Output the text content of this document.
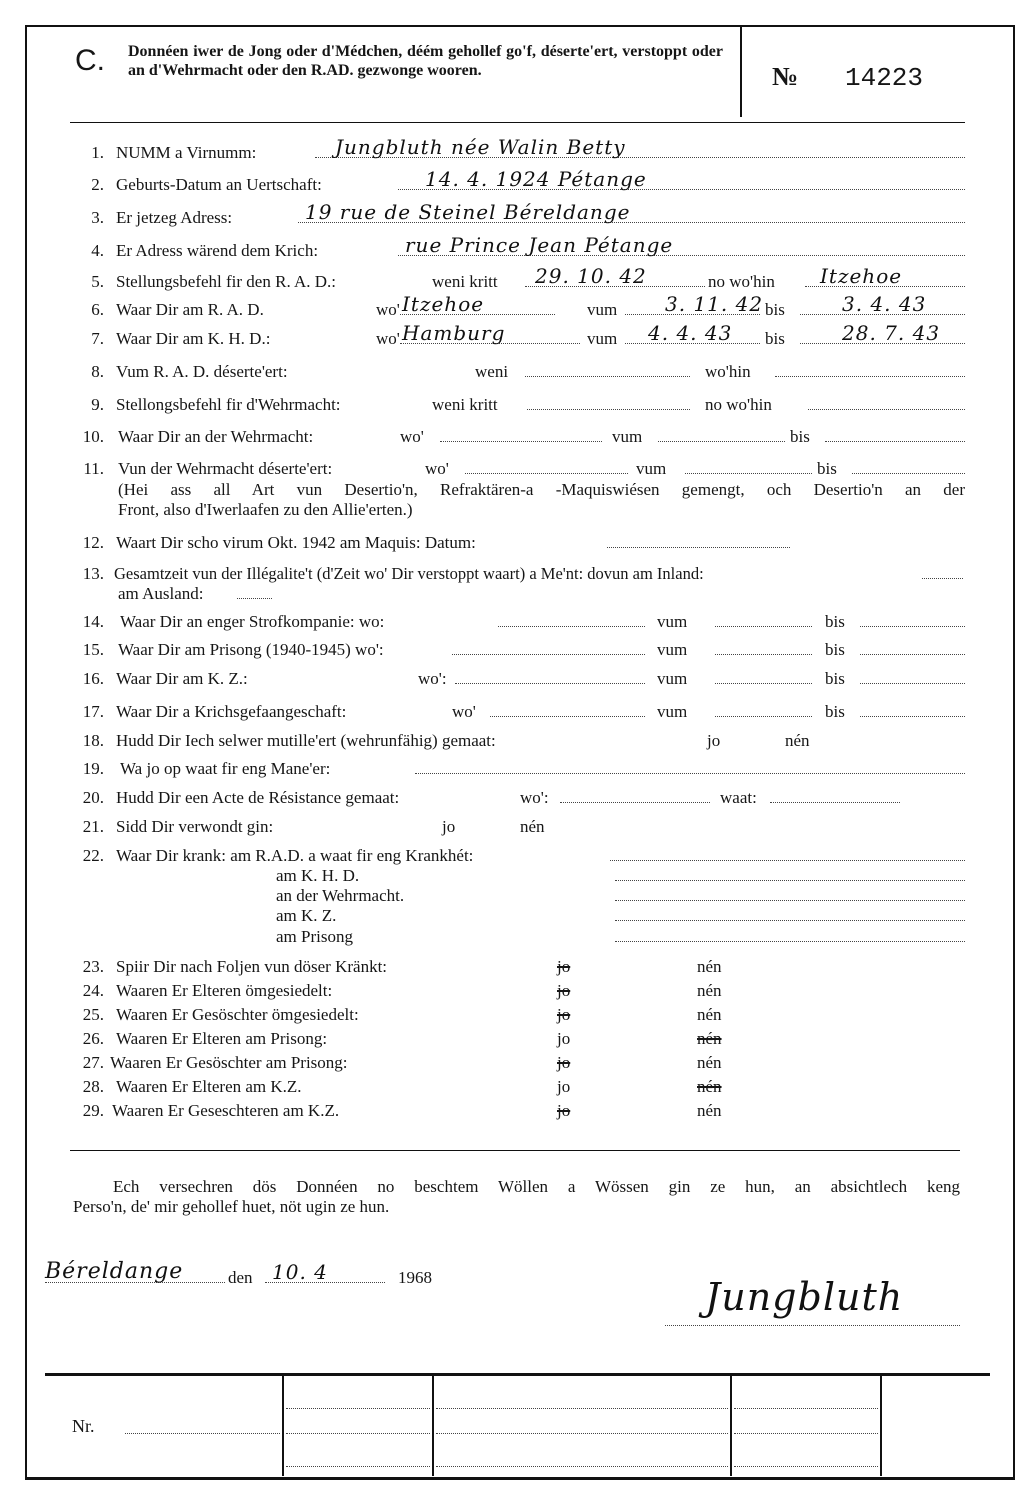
C. Donnéen iwer de Jong oder d'Médchen, déém gehollef go'f, déserte'ert, verstoppt oder an d'Wehrmacht oder den R.AD. gezwonge wooren.	№ 14223
1. NUMM a Virnumm:	Jungbluth née Walin Betty
2. Geburts-Datum an Uertschaft:	14. 4. 1924 Pétange
3. Er jetzeg Adress:	19 rue de Steinel Béreldange
4. Er Adress wärend dem Krich:	rue Prince Jean Pétange
5. Stellungsbefehl fir den R. A. D.:	weni kritt 29. 10. 42	no wo'hin Itzehoe
6. Waar Dir am R. A. D.	wo' Itzehoe	vum 3. 11. 42 bis	3. 4. 43
7. Waar Dir am K. H. D.:	wo' Hamburg	vum 4. 4. 43 bis	28. 7. 43
8. Vum R. A. D. déserte'ert:	weni	wo'hin
9. Stellongsbefehl fir d'Wehrmacht:	weni kritt	no wo'hin
10. Waar Dir an der Wehrmacht:	wo'	vum	bis
11. Vun der Wehrmacht déserte'ert:	wo'	vum	bis
(Hei ass all Art vun Desertio'n, Refraktären-a -Maquiswiésen gemengt, och Desertio'n an der
Front, also d'Iwerlaafen zu den Allie'erten.)
12. Waart Dir scho virum Okt. 1942 am Maquis: Datum:
13. Gesamtzeit vun der Illégalite't (d'Zeit wo' Dir verstoppt waart) a Me'nt: dovun am Inland:
am Ausland:
14. Waar Dir an enger Strofkompanie: wo:	vum	bis
15. Waar Dir am Prisong (1940-1945) wo':	vum	bis
16. Waar Dir am K. Z.:	wo':	vum	bis
17. Waar Dir a Krichsgefaangeschaft:	wo'	vum	bis
18. Hudd Dir Iech selwer mutille'ert (wehrunfähig) gemaat:	jo	nén
19. Wa jo op waat fir eng Mane'er:
20. Hudd Dir een Acte de Résistance gemaat:	wo':	waat:
21. Sidd Dir verwondt gin:	jo	nén
22. Waar Dir krank: am R.A.D. a waat fir eng Krankhét:
am K. H. D.
an der Wehrmacht.
am K. Z.
am Prisong
23. Spiir Dir nach Foljen vun döser Kränkt:	jo	nén
24. Waaren Er Elteren ömgesiedelt:	jo	nén
25. Waaren Er Gesöschter ömgesiedelt:	jo	nén
26. Waaren Er Elteren am Prisong:	jo	nén
27. Waaren Er Gesöschter am Prisong:	jo	nén
28. Waaren Er Elteren am K.Z.	jo	nén
29. Waaren Er Geseschteren am K.Z.	jo	nén
Ech versechren dös Donnéen no beschtem Wöllen a Wössen gin ze hun, an absichtlech keng
Perso'n, de' mir gehollef huet, nöt ugin ze hun.
Béreldange	den 10. 4	1968	Jungbluth
Nr.
